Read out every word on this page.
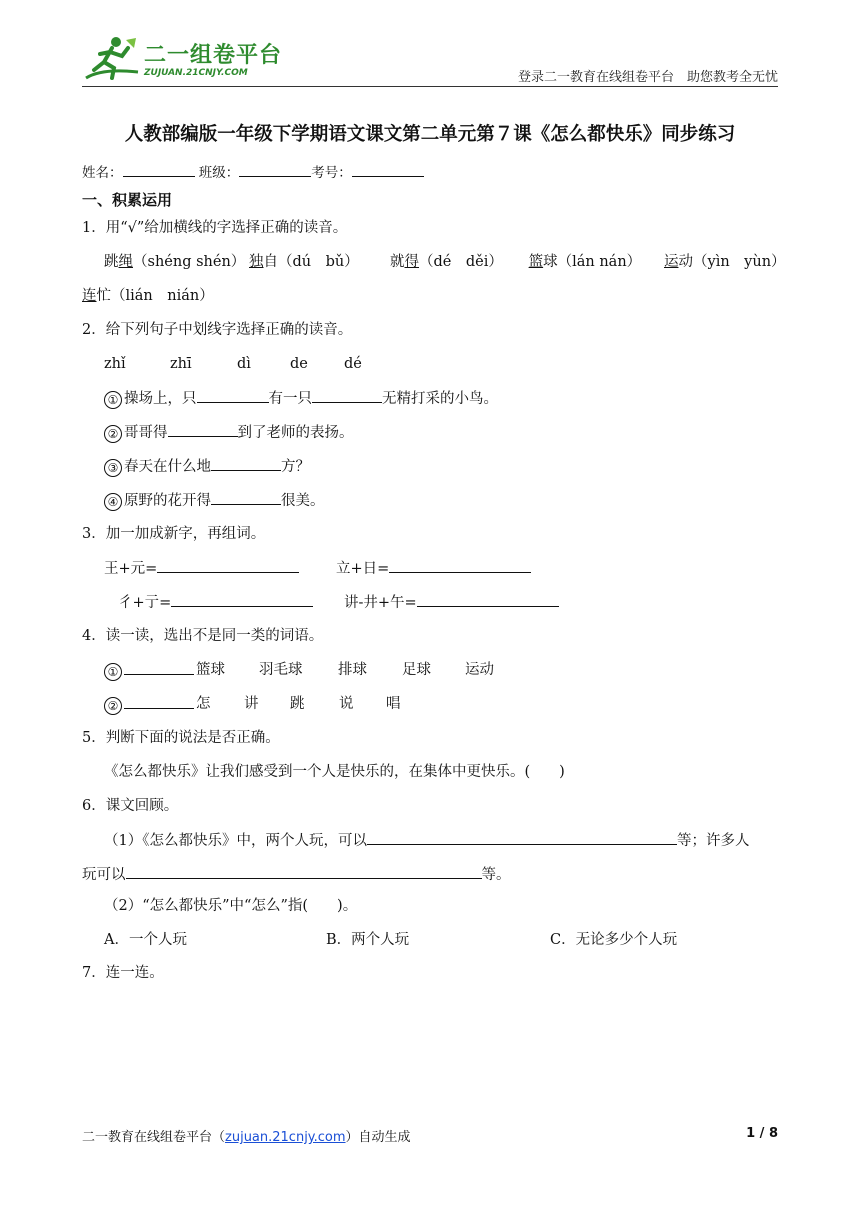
二一组卷平台
ZUJUAN.21CNJY.COM	登录二一教育在线组卷平台　助您教考全无忧
人教部编版一年级下学期语文课文第二单元第７课《怎么都快乐》同步练习
姓名：	班级：	考号：
一、积累运用
1．用“√”给加横线的字选择正确的读音。
跳绳（shéng shén） 独自（dú　bǔ） 就得（dé　děi）	篮球（lán nán） 运动（yìn　yùn）
连忙（lián　nián）
2．给下列句子中划线字选择正确的读音。
zhǐ	zhī	dì	de dé
① 操场上，只	有一只	无精打采的小鸟。
② 哥哥得	到了老师的表扬。
③ 春天在什么地	方？
④ 原野的花开得	很美。
3．加一加成新字，再组词。
王+元=	立+日=
彳+亍=	讲-井+午=
4．读一读，选出不是同一类的词语。
①	篮球 羽毛球 排球 足球 运动
②	怎 讲 跳 说 唱
5．判断下面的说法是否正确。
《怎么都快乐》让我们感受到一个人是快乐的，在集体中更快乐。(　　)
6．课文回顾。
（1）《怎么都快乐》中，两个人玩，可以	等；许多人
玩可以	等。
（2）“怎么都快乐”中“怎么”指(　　)。
A．一个人玩	B．两个人玩	C．无论多少个人玩
7．连一连。
二一教育在线组卷平台（zujuan.21cnjy.com）自动生成	1 / 8
